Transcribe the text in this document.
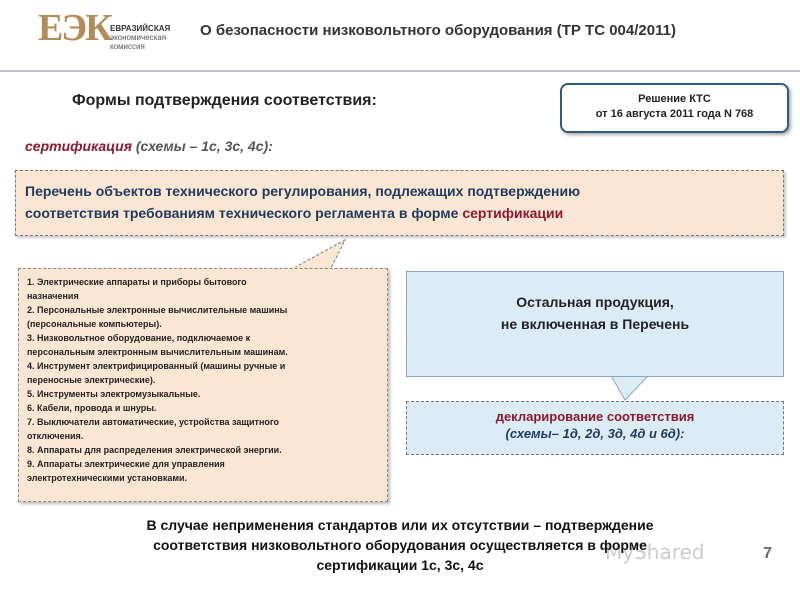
ЕЭК ЕВРАЗИЙСКАЯ
экономическая
комиссия
О безопасности низковольтного оборудования (ТР ТС 004/2011)
Формы подтверждения соответствия:	Решение КТС
от 16 августа 2011 года N 768
сертификация (схемы – 1с, 3с, 4с):
Перечень объектов технического регулирования, подлежащих подтверждению
соответствия требованиям технического регламента в форме сертификации
1. Электрические аппараты и приборы бытового
назначения
2. Персональные электронные вычислительные машины
(персональные компьютеры).
3. Низковольтное оборудование, подключаемое к
персональным электронным вычислительным машинам.
4. Инструмент электрифицированный (машины ручные и
переносные электрические).
5. Инструменты электромузыкальные.
6. Кабели, провода и шнуры.
7. Выключатели автоматические, устройства защитного
отключения.
8. Аппараты для распределения электрической энергии.
9. Аппараты электрические для управления
электротехническими установками.
Остальная продукция,
не включенная в Перечень
декларирование соответствия
(схемы– 1д, 2д, 3д, 4д и 6д):
MyShared
В случае неприменения стандартов или их отсутствии – подтверждение
соответствия низковольтного оборудования осуществляется в форме
сертификации 1с, 3с, 4с
7
